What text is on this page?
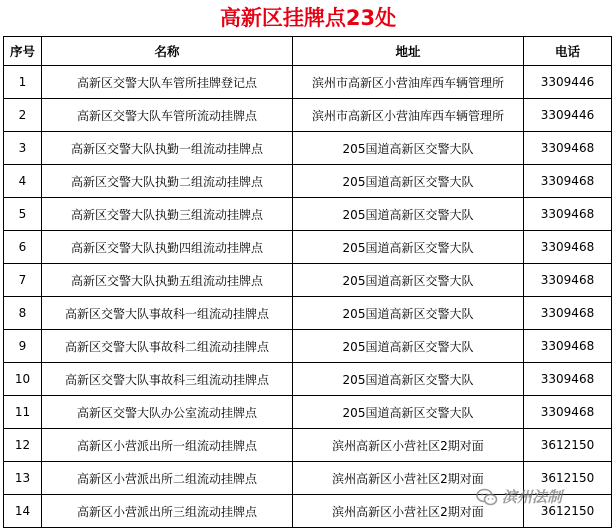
高新区挂牌点23处
序号	名称	地址	电话
1	高新区交警大队车管所挂牌登记点	滨州市高新区小营油库西车辆管理所	3309446
2	高新区交警大队车管所流动挂牌点	滨州市高新区小营油库西车辆管理所	3309446
3	高新区交警大队执勤一组流动挂牌点	205国道高新区交警大队	3309468
4	高新区交警大队执勤二组流动挂牌点	205国道高新区交警大队	3309468
5	高新区交警大队执勤三组流动挂牌点	205国道高新区交警大队	3309468
6	高新区交警大队执勤四组流动挂牌点	205国道高新区交警大队	3309468
7	高新区交警大队执勤五组流动挂牌点	205国道高新区交警大队	3309468
8	高新区交警大队事故科一组流动挂牌点	205国道高新区交警大队	3309468
9	高新区交警大队事故科二组流动挂牌点	205国道高新区交警大队	3309468
10	高新区交警大队事故科三组流动挂牌点	205国道高新区交警大队	3309468
11	高新区交警大队办公室流动挂牌点	205国道高新区交警大队	3309468
12	高新区小营派出所一组流动挂牌点	滨州高新区小营社区2期对面	3612150
13	高新区小营派出所二组流动挂牌点	滨州高新区小营社区2期对面	3612150
14	高新区小营派出所三组流动挂牌点	滨州高新区小营社区2期对面	3612150
滨州法制
